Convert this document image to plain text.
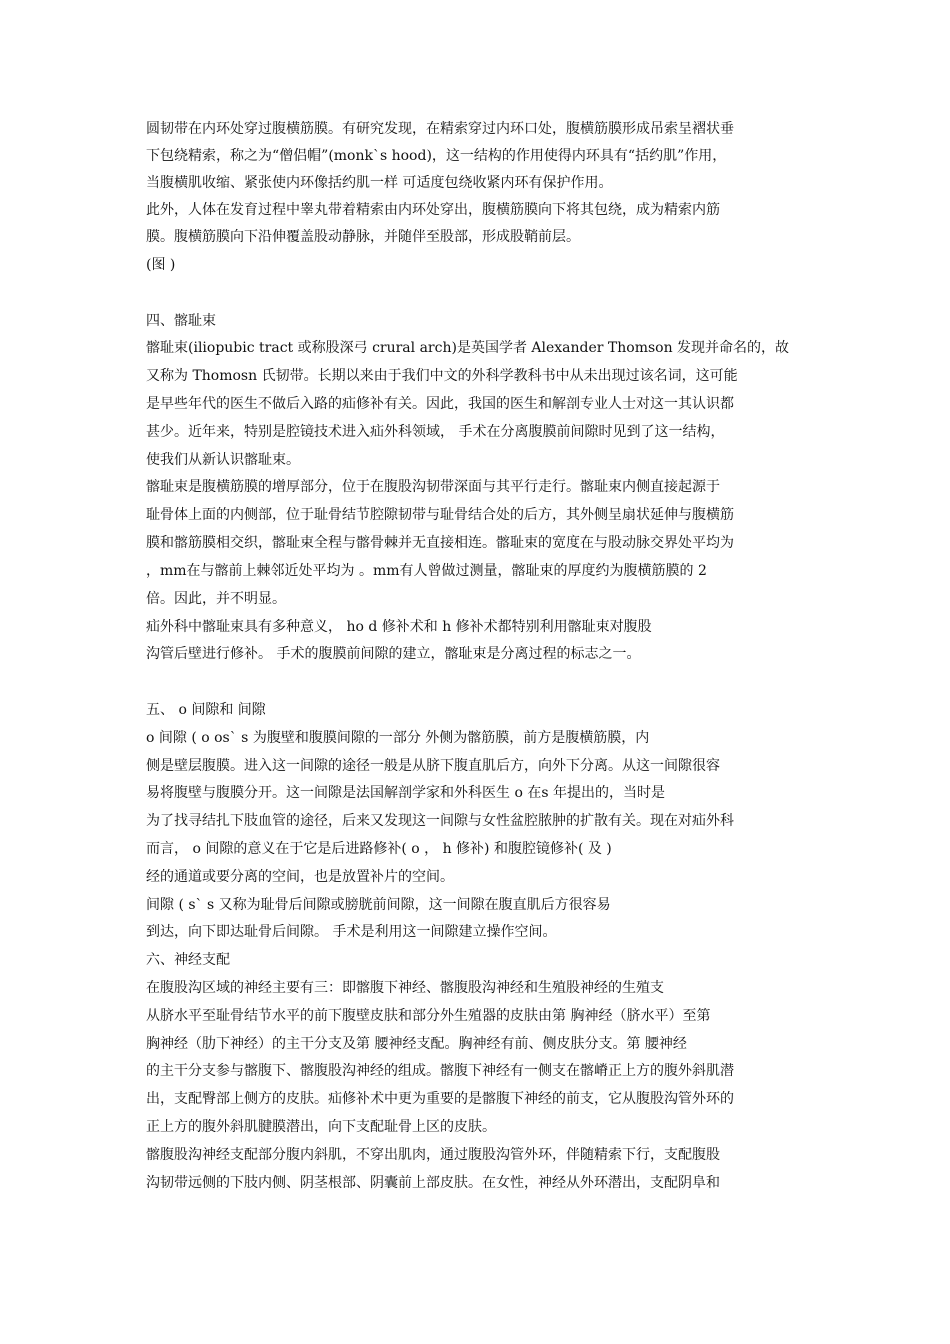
圆韧带在内环处穿过腹横筋膜。有研究发现，在精索穿过内环口处，腹横筋膜形成吊索呈褶状垂
下包绕精索，称之为“僧侣帽”(monk`s hood)，这一结构的作用使得内环具有“括约肌”作用，
当腹横肌收缩、紧张使内环像括约肌一样 可适度包绕收紧内环有保护作用。
此外，人体在发育过程中睾丸带着精索由内环处穿出，腹横筋膜向下将其包绕，成为精索内筋
膜。腹横筋膜向下沿伸覆盖股动静脉，并随伴至股部，形成股鞘前层。
(图 )
四、髂耻束
髂耻束(iliopubic tract 或称股深弓 crural arch)是英国学者 Alexander Thomson 发现并命名的，故
又称为 Thomosn 氏韧带。长期以来由于我们中文的外科学教科书中从未出现过该名词，这可能
是早些年代的医生不做后入路的疝修补有关。因此，我国的医生和解剖专业人士对这一其认识都
甚少。近年来，特别是腔镜技术进入疝外科领域， 手术在分离腹膜前间隙时见到了这一结构，
使我们从新认识髂耻束。
髂耻束是腹横筋膜的增厚部分，位于在腹股沟韧带深面与其平行走行。髂耻束内侧直接起源于
耻骨体上面的内侧部，位于耻骨结节腔隙韧带与耻骨结合处的后方，其外侧呈扇状延伸与腹横筋
膜和髂筋膜相交织，髂耻束全程与髂骨棘并无直接相连。髂耻束的宽度在与股动脉交界处平均为
，mm在与髂前上棘邻近处平均为 。mm有人曾做过测量，髂耻束的厚度约为腹横筋膜的 2
倍。因此，并不明显。
疝外科中髂耻束具有多种意义， ho d 修补术和 h 修补术都特别利用髂耻束对腹股
沟管后壁进行修补。 手术的腹膜前间隙的建立，髂耻束是分离过程的标志之一。
五、 o 间隙和 间隙
o 间隙 ( o os` s 为腹壁和腹膜间隙的一部分 外侧为髂筋膜，前方是腹横筋膜，内
侧是壁层腹膜。进入这一间隙的途径一般是从脐下腹直肌后方，向外下分离。从这一间隙很容
易将腹壁与腹膜分开。这一间隙是法国解剖学家和外科医生 o 在s 年提出的，当时是
为了找寻结扎下肢血管的途径，后来又发现这一间隙与女性盆腔脓肿的扩散有关。现在对疝外科
而言， o 间隙的意义在于它是后进路修补( o ， h 修补) 和腹腔镜修补( 及 )
经的通道或要分离的空间，也是放置补片的空间。
间隙 ( s` s 又称为耻骨后间隙或膀胱前间隙，这一间隙在腹直肌后方很容易
到达，向下即达耻骨后间隙。 手术是利用这一间隙建立操作空间。
六、神经支配
在腹股沟区域的神经主要有三：即髂腹下神经、髂腹股沟神经和生殖股神经的生殖支
从脐水平至耻骨结节水平的前下腹壁皮肤和部分外生殖器的皮肤由第 胸神经（脐水平）至第
胸神经（肋下神经）的主干分支及第 腰神经支配。胸神经有前、侧皮肤分支。第 腰神经
的主干分支参与髂腹下、髂腹股沟神经的组成。髂腹下神经有一侧支在髂嵴正上方的腹外斜肌潜
出，支配臀部上侧方的皮肤。疝修补术中更为重要的是髂腹下神经的前支，它从腹股沟管外环的
正上方的腹外斜肌腱膜潜出，向下支配耻骨上区的皮肤。
髂腹股沟神经支配部分腹内斜肌，不穿出肌肉，通过腹股沟管外环，伴随精索下行，支配腹股
沟韧带远侧的下肢内侧、阴茎根部、阴囊前上部皮肤。在女性，神经从外环潜出，支配阴阜和
